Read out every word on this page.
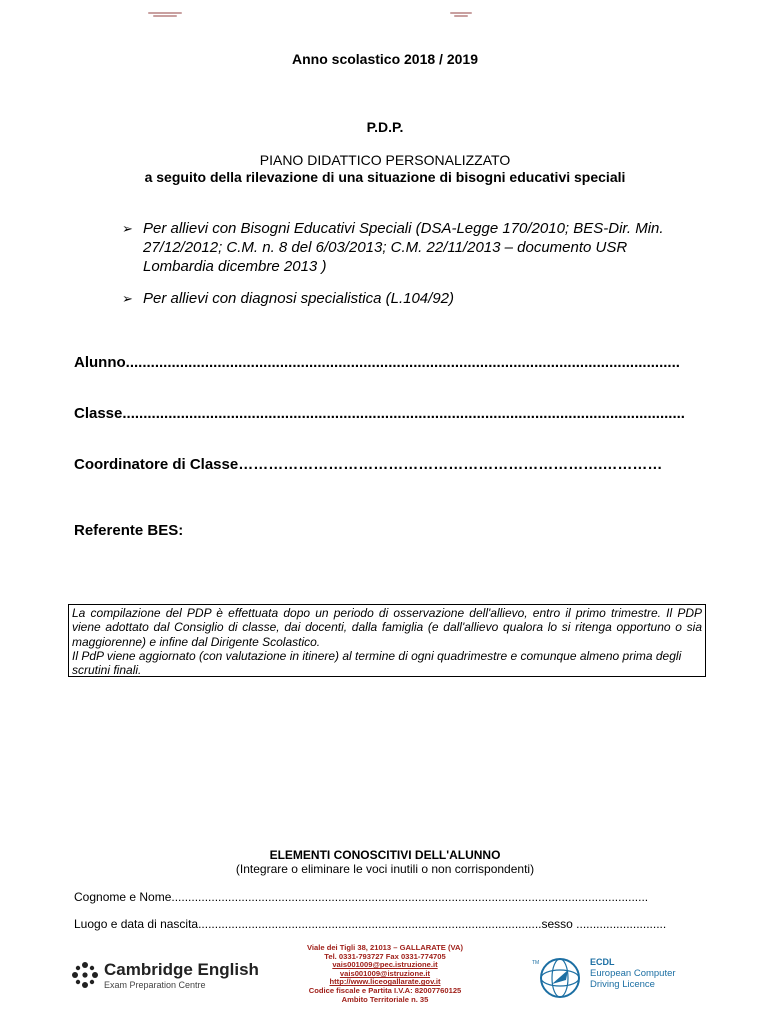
Anno scolastico 2018 / 2019
P.D.P.
PIANO DIDATTICO PERSONALIZZATO
a seguito della rilevazione di una situazione di bisogni educativi speciali
➢ Per allievi con Bisogni Educativi Speciali (DSA-Legge 170/2010; BES-Dir. Min.
27/12/2012; C.M. n. 8 del 6/03/2013; C.M. 22/11/2013 – documento USR
Lombardia dicembre 2013 )
➢ Per allievi con diagnosi specialistica (L.104/92)
Alunno.....................................................................................................................................
Classe.......................................................................................................................................
Coordinatore di Classe……………………………………………………………….…………
Referente BES:

La compilazione del PDP è effettuata dopo un periodo di osservazione dell'allievo, entro il primo trimestre. Il PDP viene adottato dal Consiglio di classe, dai docenti, dalla famiglia (e dall'allievo qualora lo si ritenga opportuno o sia maggiorenne) e infine dal Dirigente Scolastico.

Il PdP viene aggiornato (con valutazione in itinere) al termine di ogni quadrimestre e comunque almeno prima degli scrutini finali.

ELEMENTI CONOSCITIVI DELL'ALUNNO
(Integrare o eliminare le voci inutili o non corrispondenti)
Cognome e Nome...............................................................................................................................................
Luogo e data di nascita.......................................................................................................sesso ...........................
Viale dei Tigli 38, 21013 – GALLARATE (VA)
Tel. 0331-793727 Fax 0331-774705
vais001009@pec.istruzione.it
vais001009@istruzione.it
http://www.liceogallarate.gov.it
Codice fiscale e Partita I.V.A: 82007760125
Ambito Territoriale n. 35
Cambridge English
Exam Preparation Centre
TM	ECDL
European Computer
Driving Licence
